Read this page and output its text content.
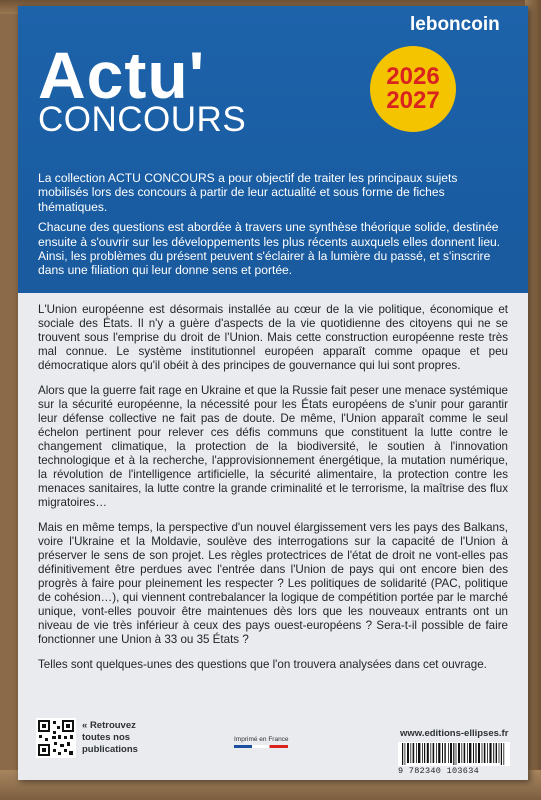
Actu'
CONCOURS
2026
2027

La collection ACTU CONCOURS a pour objectif de traiter les principaux sujets mobilisés lors des concours à partir de leur actualité et sous forme de fiches thématiques.

Chacune des questions est abordée à travers une synthèse théorique solide, destinée ensuite à s'ouvrir sur les développements les plus récents auxquels elles donnent lieu. Ainsi, les problèmes du présent peuvent s'éclairer à la lumière du passé, et s'inscrire dans une filiation qui leur donne sens et portée.

L'Union européenne est désormais installée au cœur de la vie politique, économique et sociale des États. Il n'y a guère d'aspects de la vie quotidienne des citoyens qui ne se trouvent sous l'emprise du droit de l'Union. Mais cette construction européenne reste très mal connue. Le système institutionnel européen apparaît comme opaque et peu démocratique alors qu'il obéit à des principes de gouvernance qui lui sont propres.

Alors que la guerre fait rage en Ukraine et que la Russie fait peser une menace systémique sur la sécurité européenne, la nécessité pour les États européens de s'unir pour garantir leur défense collective ne fait pas de doute. De même, l'Union apparaît comme le seul échelon pertinent pour relever ces défis communs que constituent la lutte contre le changement climatique, la protection de la biodiversité, le soutien à l'innovation technologique et à la recherche, l'approvisionnement énergétique, la mutation numérique, la révolution de l'intelligence artificielle, la sécurité alimentaire, la protection contre les menaces sanitaires, la lutte contre la grande criminalité et le terrorisme, la maîtrise des flux migratoires…

Mais en même temps, la perspective d'un nouvel élargissement vers les pays des Balkans, voire l'Ukraine et la Moldavie, soulève des interrogations sur la capacité de l'Union à préserver le sens de son projet. Les règles protectrices de l'état de droit ne vont-elles pas définitivement être perdues avec l'entrée dans l'Union de pays qui ont encore bien des progrès à faire pour pleinement les respecter ? Les politiques de solidarité (PAC, politique de cohésion…), qui viennent contrebalancer la logique de compétition portée par le marché unique, vont-elles pouvoir être maintenues dès lors que les nouveaux entrants ont un niveau de vie très inférieur à ceux des pays ouest-européens ? Sera-t-il possible de faire fonctionner une Union à 33 ou 35 États ?

Telles sont quelques-unes des questions que l'on trouvera analysées dans cet ouvrage.

« Retrouvez
toutes nos
publications
Imprimé en France
www.editions-ellipses.fr
9 782340 103634
leboncoin
